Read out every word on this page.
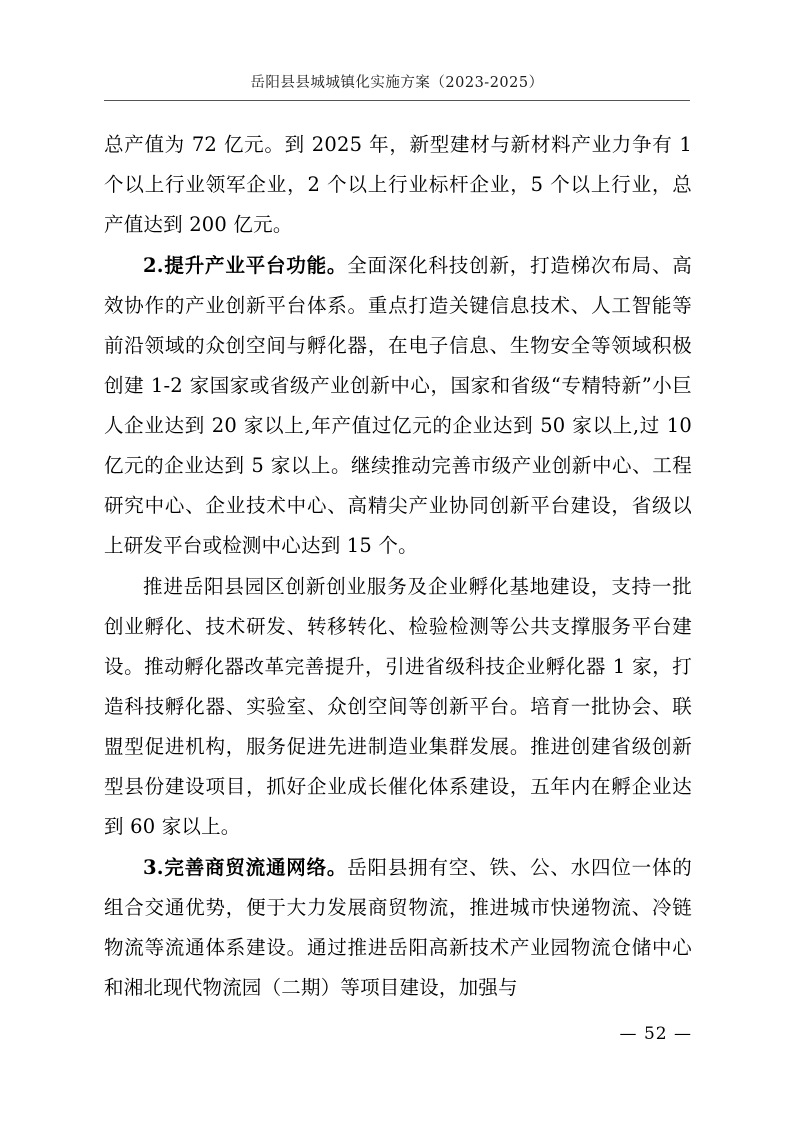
岳阳县县城城镇化实施方案（2023-2025）

总产值为 72 亿元。到 2025 年，新型建材与新材料产业力争有 1 个以上行业领军企业，2 个以上行业标杆企业，5 个以上行业，总产值达到 200 亿元。

2.提升产业平台功能。全面深化科技创新，打造梯次布局、高效协作的产业创新平台体系。重点打造关键信息技术、人工智能等前沿领域的众创空间与孵化器，在电子信息、生物安全等领域积极创建 1-2 家国家或省级产业创新中心，国家和省级“专精特新”小巨人企业达到 20 家以上,年产值过亿元的企业达到 50 家以上,过 10 亿元的企业达到 5 家以上。继续推动完善市级产业创新中心、工程研究中心、企业技术中心、高精尖产业协同创新平台建设，省级以上研发平台或检测中心达到 15 个。

推进岳阳县园区创新创业服务及企业孵化基地建设，支持一批创业孵化、技术研发、转移转化、检验检测等公共支撑服务平台建设。推动孵化器改革完善提升，引进省级科技企业孵化器 1 家，打造科技孵化器、实验室、众创空间等创新平台。培育一批协会、联盟型促进机构，服务促进先进制造业集群发展。推进创建省级创新型县份建设项目，抓好企业成长催化体系建设，五年内在孵企业达到 60 家以上。

3.完善商贸流通网络。岳阳县拥有空、铁、公、水四位一体的组合交通优势，便于大力发展商贸物流，推进城市快递物流、冷链物流等流通体系建设。通过推进岳阳高新技术产业园物流仓储中心和湘北现代物流园（二期）等项目建设，加强与

— 52 —
